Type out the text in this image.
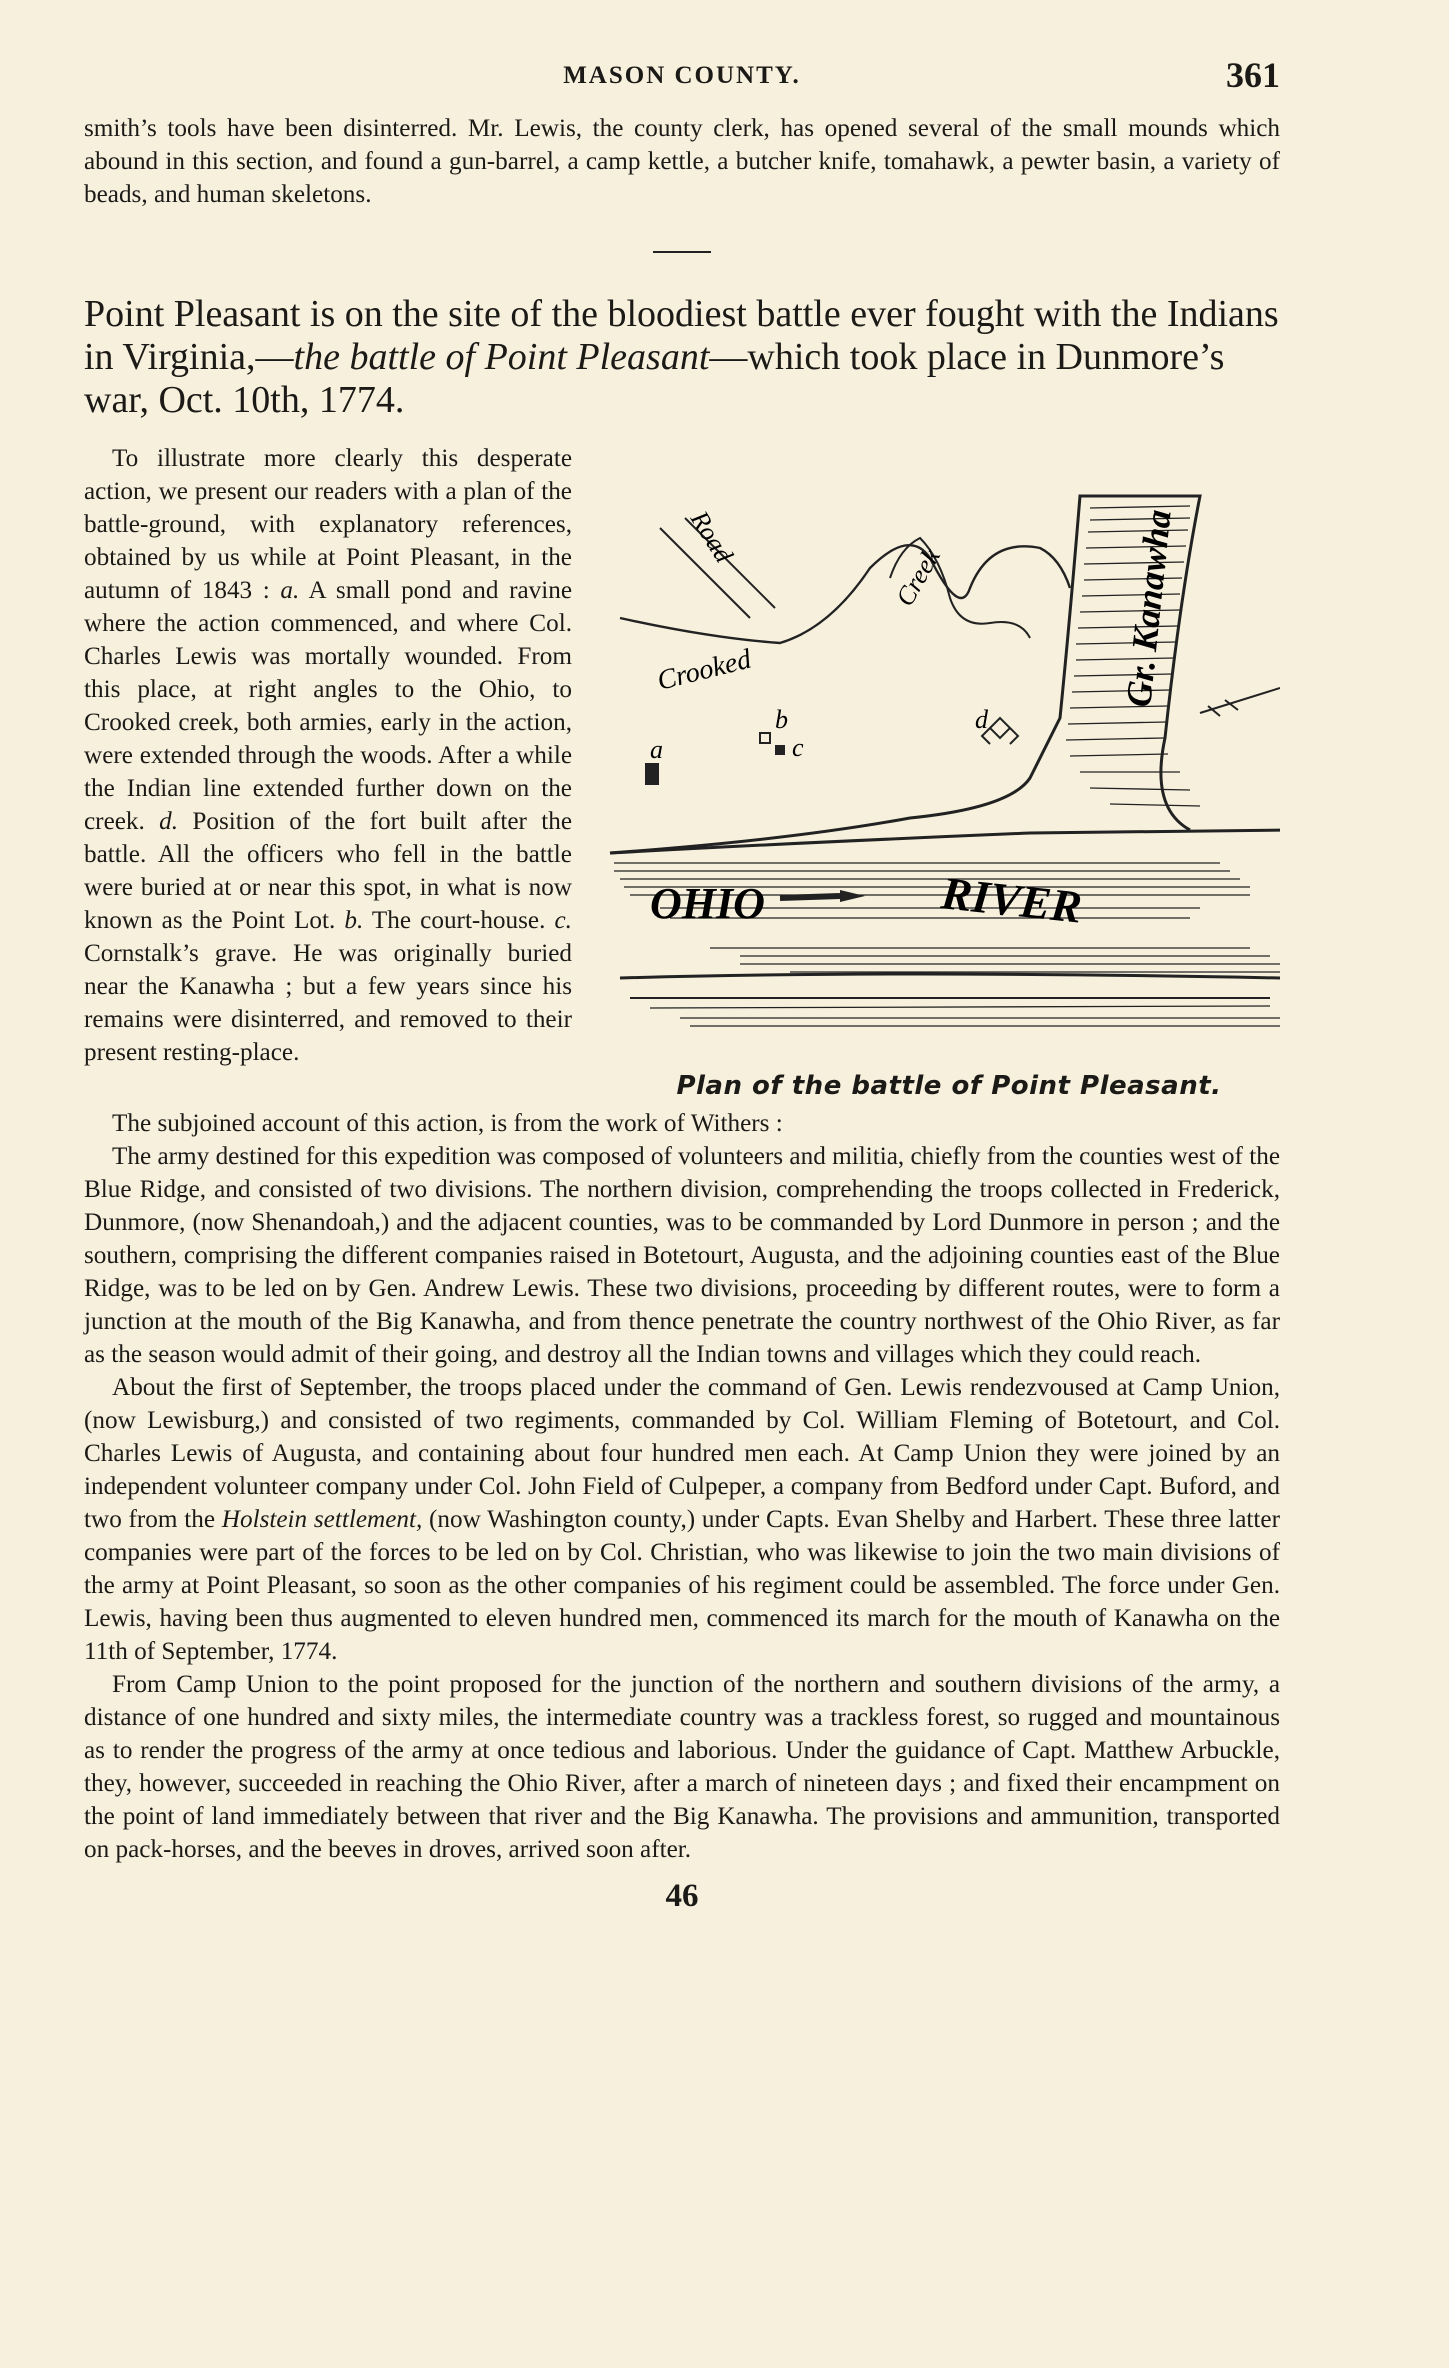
MASON COUNTY.	361

smith’s tools have been disinterred. Mr. Lewis, the county clerk, has opened several of the small mounds which abound in this section, and found a gun-barrel, a camp kettle, a butcher knife, tomahawk, a pewter basin, a variety of beads, and human skeletons.

Point Pleasant is on the site of the bloodiest battle ever fought with the Indians in Virginia,—the battle of Point Pleasant—which took place in Dunmore’s war, Oct. 10th, 1774.

OHIO	RIVER
Gr. Kanawha
Crooked
Creek
Road
a
b
c
d
Plan of the battle of Point Pleasant.
To illustrate more clearly this desperate action, we present our readers with a plan of the battle-ground, with explanatory references, obtained by us while at Point Pleasant, in the autumn of 1843 : a. A small pond and ravine where the action commenced, and where Col. Charles Lewis was mortally wounded. From this place, at right angles to the Ohio, to Crooked creek, both armies, early in the action, were extended through the woods. After a while the Indian line extended further down on the creek. d. Position of the fort built after the battle. All the officers who fell in the battle were buried at or near this spot, in what is now known as the Point Lot. b. The court-house. c. Cornstalk’s grave. He was originally buried near the Kanawha ; but a few years since his remains were disinterred, and removed to their present resting-place.

The subjoined account of this action, is from the work of Withers :

The army destined for this expedition was composed of volunteers and militia, chiefly from the counties west of the Blue Ridge, and consisted of two divisions. The northern division, comprehending the troops collected in Frederick, Dunmore, (now Shenandoah,) and the adjacent counties, was to be commanded by Lord Dunmore in person ; and the southern, comprising the different companies raised in Botetourt, Augusta, and the adjoining counties east of the Blue Ridge, was to be led on by Gen. Andrew Lewis. These two divisions, proceeding by different routes, were to form a junction at the mouth of the Big Kanawha, and from thence penetrate the country northwest of the Ohio River, as far as the season would admit of their going, and destroy all the Indian towns and villages which they could reach.

About the first of September, the troops placed under the command of Gen. Lewis rendezvoused at Camp Union, (now Lewisburg,) and consisted of two regiments, commanded by Col. William Fleming of Botetourt, and Col. Charles Lewis of Augusta, and containing about four hundred men each. At Camp Union they were joined by an independent volunteer company under Col. John Field of Culpeper, a company from Bedford under Capt. Buford, and two from the Holstein settlement, (now Washington county,) under Capts. Evan Shelby and Harbert. These three latter companies were part of the forces to be led on by Col. Christian, who was likewise to join the two main divisions of the army at Point Pleasant, so soon as the other companies of his regiment could be assembled. The force under Gen. Lewis, having been thus augmented to eleven hundred men, commenced its march for the mouth of Kanawha on the 11th of September, 1774.

From Camp Union to the point proposed for the junction of the northern and southern divisions of the army, a distance of one hundred and sixty miles, the intermediate country was a trackless forest, so rugged and mountainous as to render the progress of the army at once tedious and laborious. Under the guidance of Capt. Matthew Arbuckle, they, however, succeeded in reaching the Ohio River, after a march of nineteen days ; and fixed their encampment on the point of land immediately between that river and the Big Kanawha. The provisions and ammunition, transported on pack-horses, and the beeves in droves, arrived soon after.

46
